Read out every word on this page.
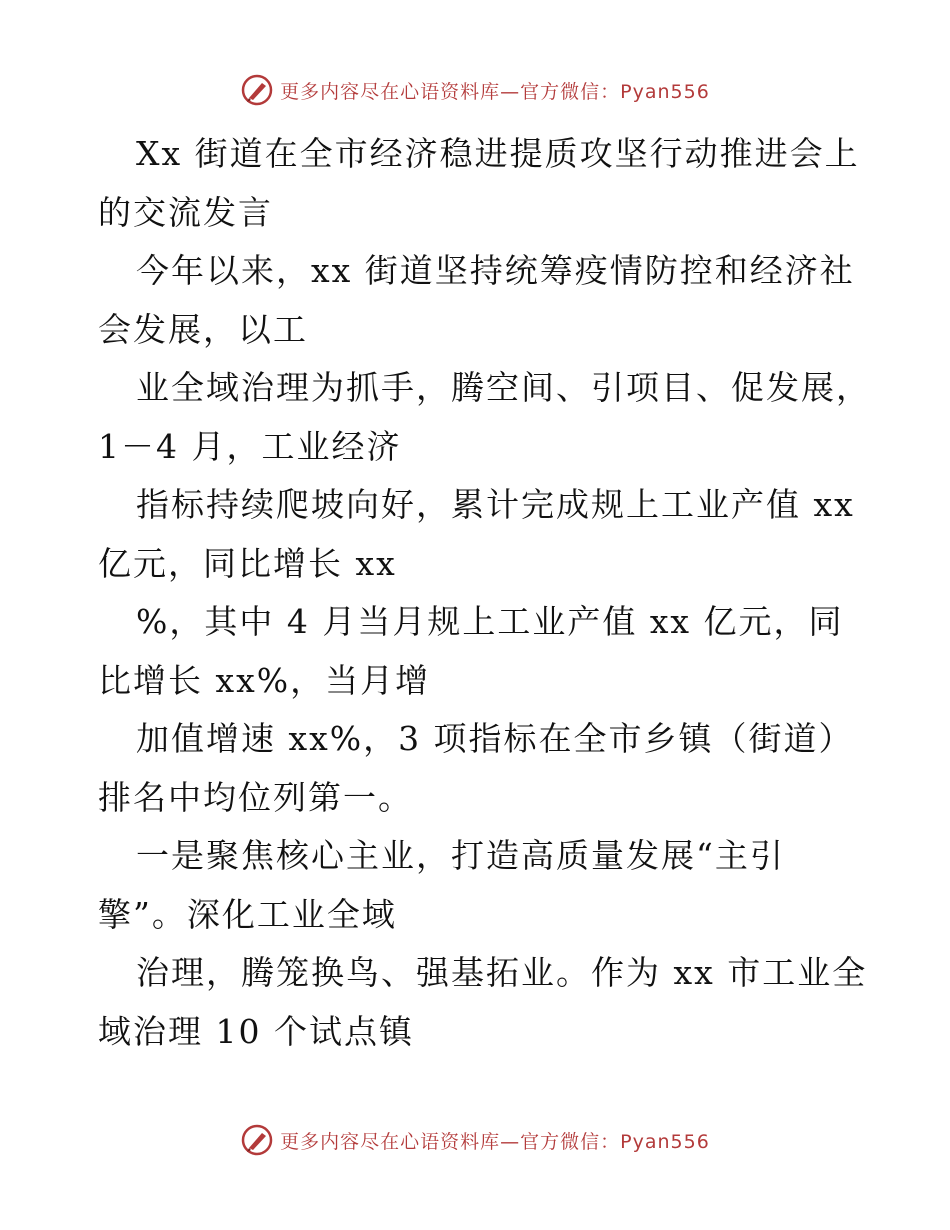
更多内容尽在心语资料库—官方微信：Pyan556
Xx 街道在全市经济稳进提质攻坚行动推进会上
的交流发言
今年以来，xx 街道坚持统筹疫情防控和经济社
会发展，以工
业全域治理为抓手，腾空间、引项目、促发展，
1－4 月，工业经济
指标持续爬坡向好，累计完成规上工业产值 xx
亿元，同比增长 xx
%，其中 4 月当月规上工业产值 xx 亿元，同
比增长 xx%，当月增
加值增速 xx%，3 项指标在全市乡镇（街道）
排名中均位列第一。
一是聚焦核心主业，打造高质量发展“主引
擎”。深化工业全域
治理，腾笼换鸟、强基拓业。作为 xx 市工业全
域治理 10 个试点镇
更多内容尽在心语资料库—官方微信：Pyan556
